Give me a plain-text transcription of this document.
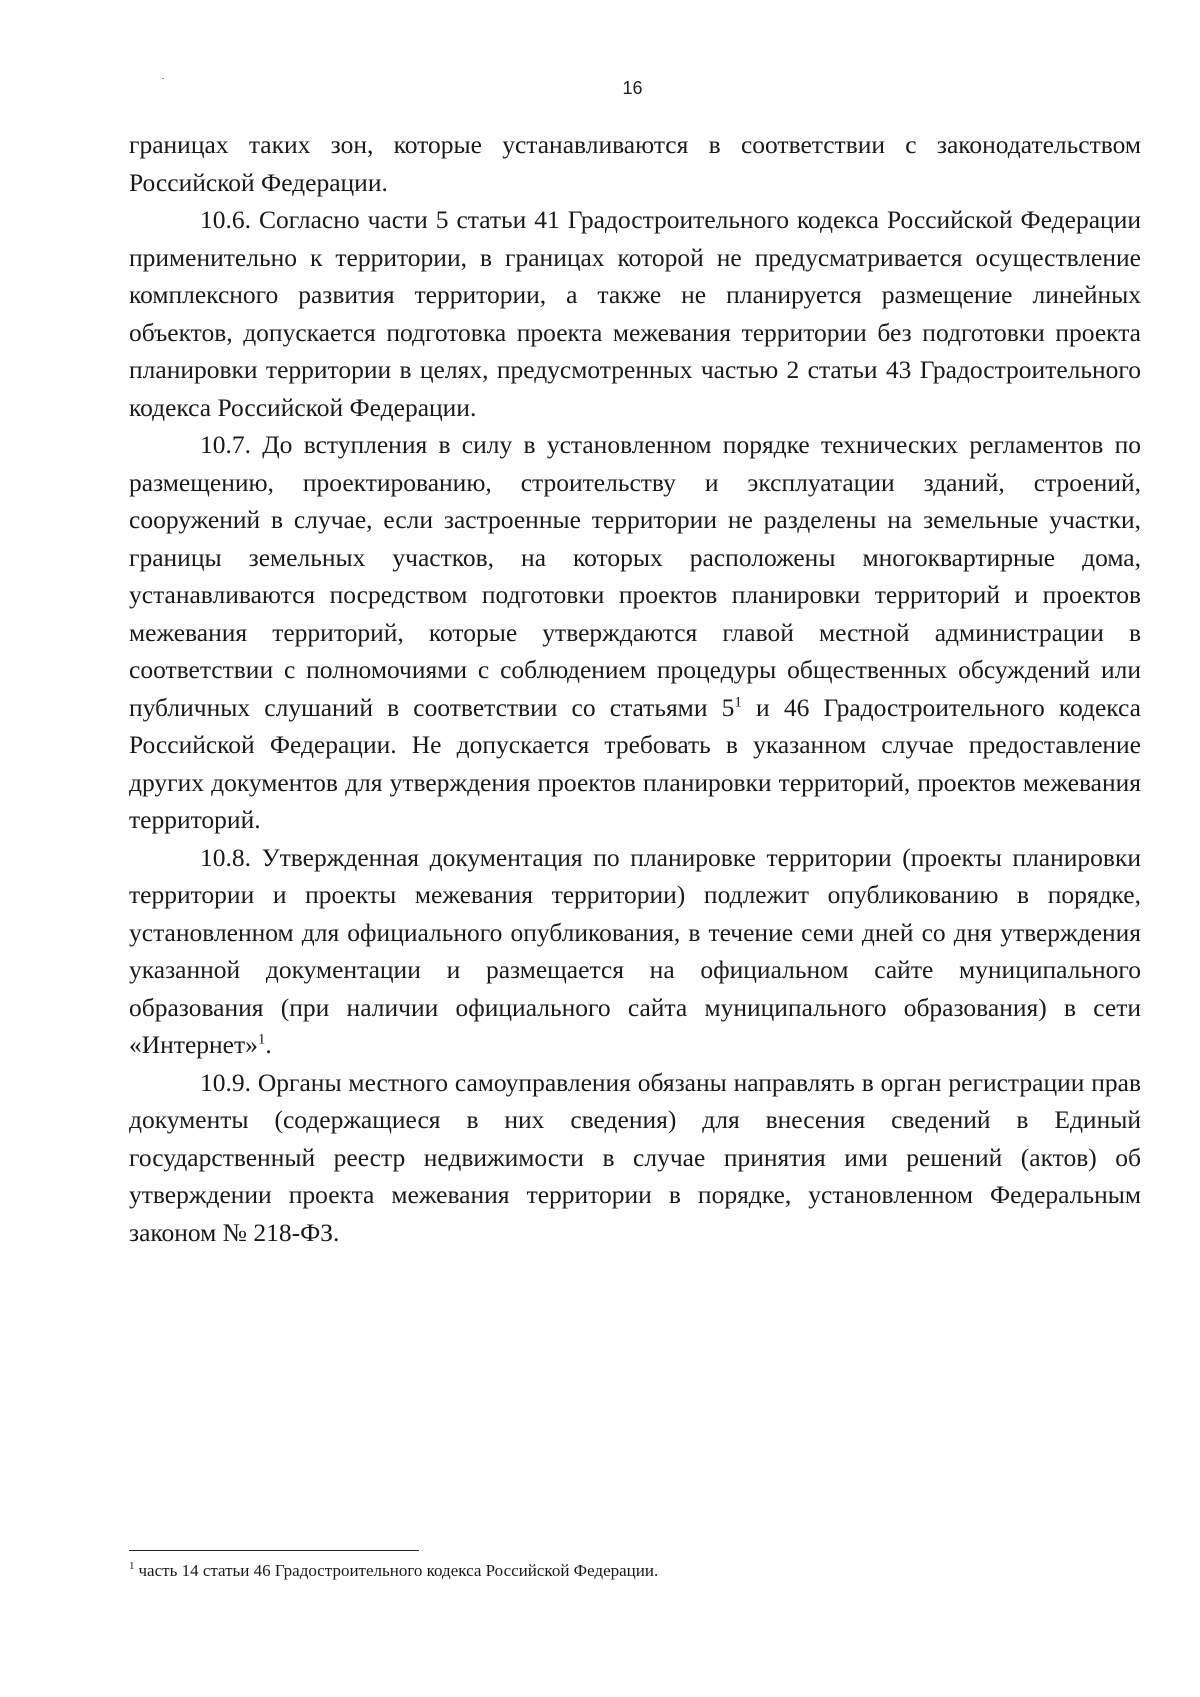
16

границах таких зон, которые устанавливаются в соответствии с законодательством Российской Федерации.

10.6. Согласно части 5 статьи 41 Градостроительного кодекса Российской Федерации применительно к территории, в границах которой не предусматривается осуществление комплексного развития территории, а также не планируется размещение линейных объектов, допускается подготовка проекта межевания территории без подготовки проекта планировки территории в целях, предусмотренных частью 2 статьи 43 Градостроительного кодекса Российской Федерации.

10.7. До вступления в силу в установленном порядке технических регламентов по размещению, проектированию, строительству и эксплуатации зданий, строений, сооружений в случае, если застроенные территории не разделены на земельные участки, границы земельных участков, на которых расположены многоквартирные дома, устанавливаются посредством подготовки проектов планировки территорий и проектов межевания территорий, которые утверждаются главой местной администрации в соответствии с полномочиями с соблюдением процедуры общественных обсуждений или публичных слушаний в соответствии со статьями $5^1$ и 46 Градостроительного кодекса Российской Федерации. Не допускается требовать в указанном случае предоставление других документов для утверждения проектов планировки территорий, проектов межевания территорий.

10.8. Утвержденная документация по планировке территории (проекты планировки территории и проекты межевания территории) подлежит опубликованию в порядке, установленном для официального опубликования, в течение семи дней со дня утверждения указанной документации и размещается на официальном сайте муниципального образования (при наличии официального сайта муниципального образования) в сети «Интернет»$^1$.

10.9. Органы местного самоуправления обязаны направлять в орган регистрации прав документы (содержащиеся в них сведения) для внесения сведений в Единый государственный реестр недвижимости в случае принятия ими решений (актов) об утверждении проекта межевания территории в порядке, установленном Федеральным законом № 218-ФЗ.

$^1$ часть 14 статьи 46 Градостроительного кодекса Российской Федерации.
